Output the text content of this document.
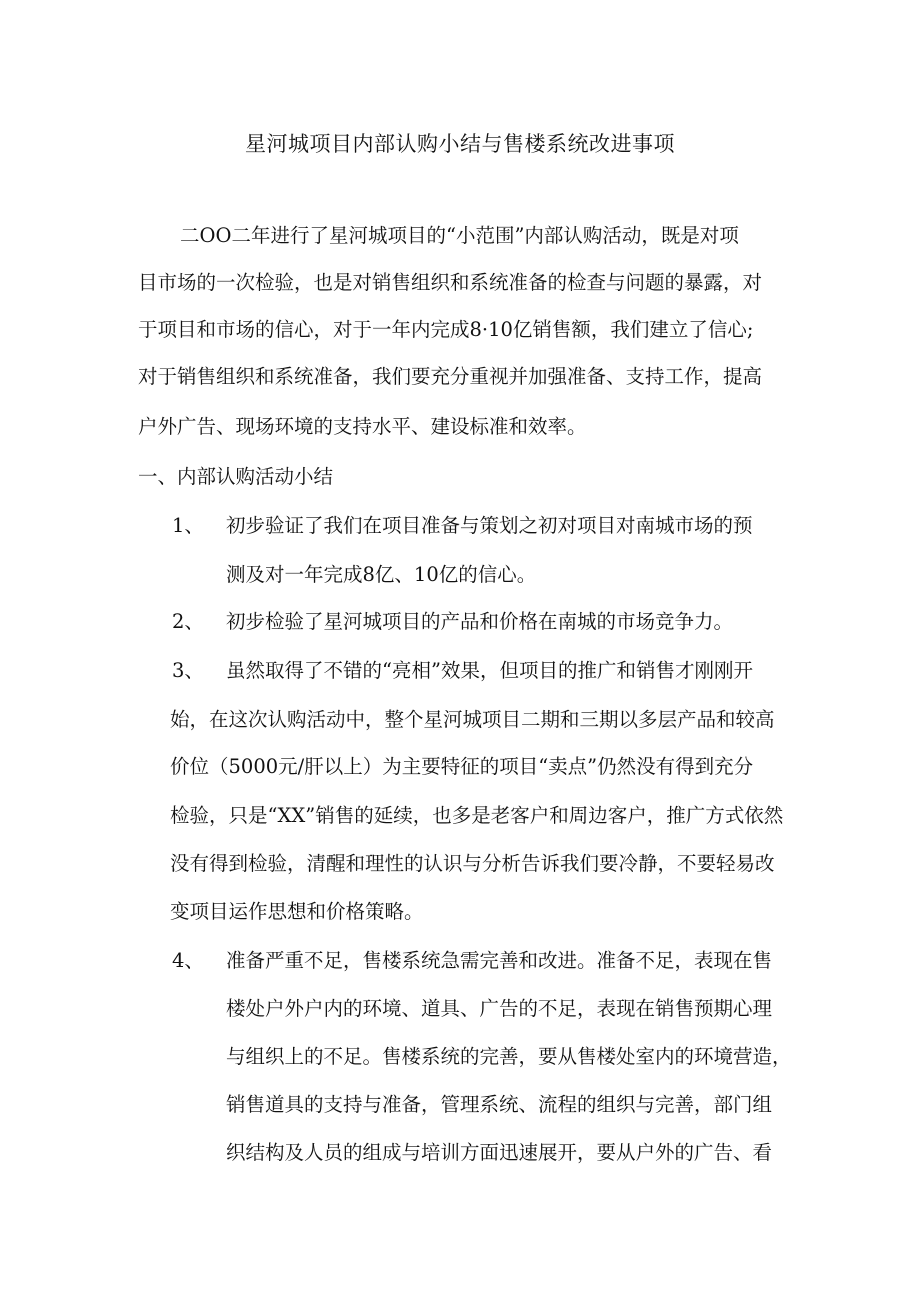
星河城项目内部认购小结与售楼系统改进事项
二OO二年进行了星河城项目的“小范围”内部认购活动，既是对项
目市场的一次检验，也是对销售组织和系统准备的检查与问题的暴露，对
于项目和市场的信心，对于一年内完成8·10亿销售额，我们建立了信心;
对于销售组织和系统准备，我们要充分重视并加强准备、支持工作，提高
户外广告、现场环境的支持水平、建设标准和效率。
一、内部认购活动小结
1、 初步验证了我们在项目准备与策划之初对项目对南城市场的预
测及对一年完成8亿、10亿的信心。
2、 初步检验了星河城项目的产品和价格在南城的市场竞争力。
3、 虽然取得了不错的“亮相”效果，但项目的推广和销售才刚刚开
始，在这次认购活动中，整个星河城项目二期和三期以多层产品和较高
价位（5000元/肝以上）为主要特征的项目“卖点”仍然没有得到充分
检验，只是“XX”销售的延续，也多是老客户和周边客户，推广方式依然
没有得到检验，清醒和理性的认识与分析告诉我们要冷静，不要轻易改
变项目运作思想和价格策略。
4、 准备严重不足，售楼系统急需完善和改进。准备不足，表现在售
楼处户外户内的环境、道具、广告的不足，表现在销售预期心理
与组织上的不足。售楼系统的完善，要从售楼处室内的环境营造，
销售道具的支持与准备，管理系统、流程的组织与完善，部门组
织结构及人员的组成与培训方面迅速展开，要从户外的广告、看
